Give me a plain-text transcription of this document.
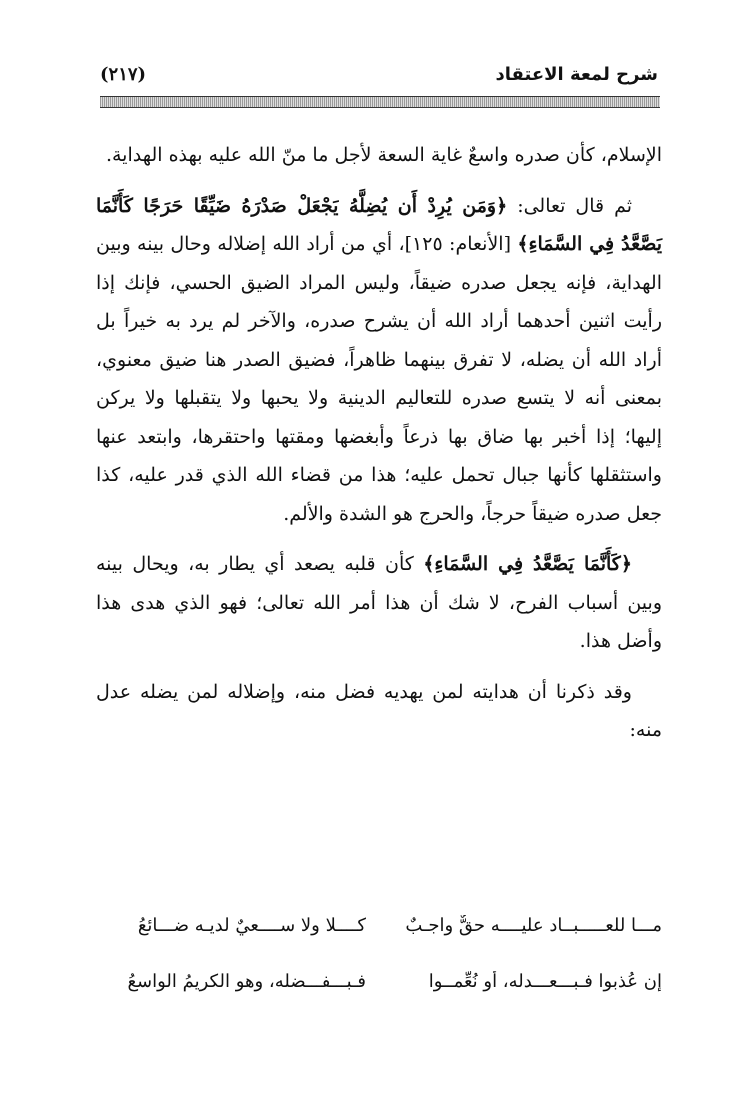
شرح لمعة الاعتقاد
(٢١٧)

الإسلام، كأن صدره واسعٌ غاية السعة لأجل ما منّ الله عليه بهذه الهداية.

ثم قال تعالى: ﴿وَمَن يُرِدْ أَن يُضِلَّهُ يَجْعَلْ صَدْرَهُ ضَيِّقًا حَرَجًا كَأَنَّمَا يَصَّعَّدُ فِي السَّمَاءِ﴾ [الأنعام: ١٢٥]، أي من أراد الله إضلاله وحال بينه وبين الهداية، فإنه يجعل صدره ضيقاً، وليس المراد الضيق الحسي، فإنك إذا رأيت اثنين أحدهما أراد الله أن يشرح صدره، والآخر لم يرد به خيراً بل أراد الله أن يضله، لا تفرق بينهما ظاهراً، فضيق الصدر هنا ضيق معنوي، بمعنى أنه لا يتسع صدره للتعاليم الدينية ولا يحبها ولا يتقبلها ولا يركن إليها؛ إذا أخبر بها ضاق بها ذرعاً وأبغضها ومقتها واحتقرها، وابتعد عنها واستثقلها كأنها جبال تحمل عليه؛ هذا من قضاء الله الذي قدر عليه، كذا جعل صدره ضيقاً حرجاً، والحرج هو الشدة والألم.

﴿كَأَنَّمَا يَصَّعَّدُ فِي السَّمَاءِ﴾ كأن قلبه يصعد أي يطار به، ويحال بينه وبين أسباب الفرح، لا شك أن هذا أمر الله تعالى؛ فهو الذي هدى هذا وأضل هذا.

وقد ذكرنا أن هدايته لمن يهديه فضل منه، وإضلاله لمن يضله عدل منه:

مـــا للعـــــبــاد عليــــه حقٌّ واجـبٌ
كــــلا ولا ســــعيٌ لديـه ضـــائعُ
إن عُذبوا فـبـــعـــدله، أو نُعِّمــوا
فـبـــفـــضله، وهو الكريمُ الواسعُ
